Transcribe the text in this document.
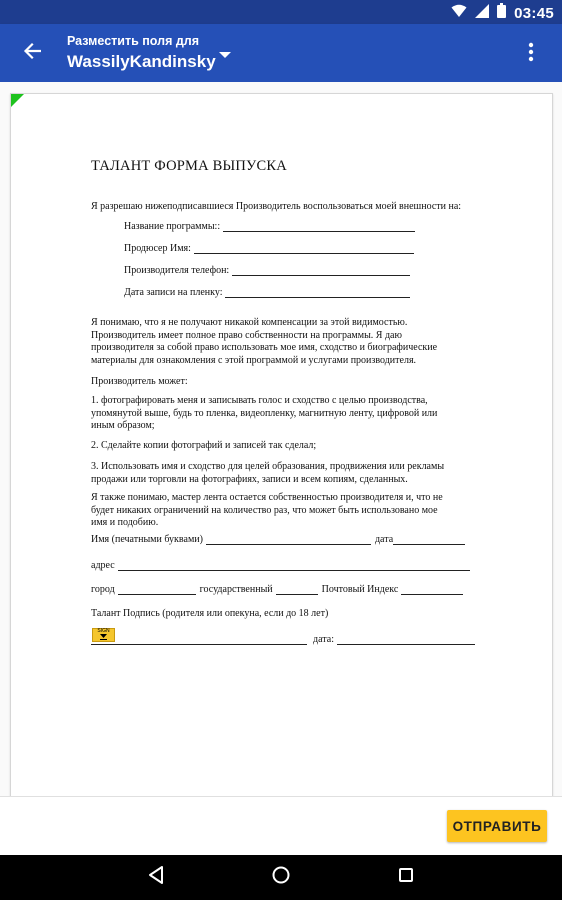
03:45
Разместить поля для
WassilyKandinsky
ТАЛАНТ ФОРМА ВЫПУСКА
Я разрешаю нижеподписавшиеся Производитель воспользоваться моей внешности на:
Название программы::
Продюсер Имя:
Производителя телефон:
Дата записи на пленку:
Я понимаю, что я не получают никакой компенсации за этой видимостью.
Производитель имеет полное право собственности на программы. Я даю
производителя за собой право использовать мое имя, сходство и биографические
материалы для ознакомления с этой программой и услугами производителя.
Производитель может:
1. фотографировать меня и записывать голос и сходство с целью производства,
упомянутой выше, будь то пленка, видеопленку, магнитную ленту, цифровой или
иным образом;
2. Сделайте копии фотографий и записей так сделал;
3. Использовать имя и сходство для целей образования, продвижения или рекламы
продажи или торговли на фотографиях, записи и всем копиям, сделанных.
Я также понимаю, мастер лента остается собственностью производителя и, что не
будет никаких ограничений на количество раз, что может быть использовано мое
имя и подобию.
Имя (печатными буквами)	дата
адрес
город	государственный	Почтовый Индекс
Талант Подпись (родителя или опекуна, если до 18 лет)
SIGN
дата:
ОТПРАВИТЬ
